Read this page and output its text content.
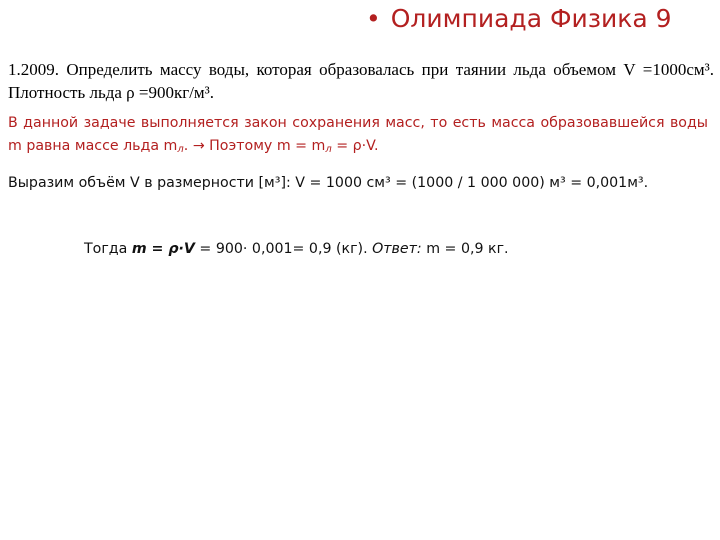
• Олимпиада Физика 9
1.2009. Определить массу воды, которая образовалась при таянии льда объемом V =1000см³. Плотность льда ρ =900кг/м³.
В данной задаче выполняется закон сохранения масс, то есть масса образовавшейся воды m равна массе льда $m_л$. → Поэтому $m = m_л = \rho\cdot V$.
Выразим объём V в размерности [м³]: V = 1000 см³ = (1000 / 1 000 000) м³ = 0,001м³.
Тогда m = ρ·V = 900· 0,001= 0,9 (кг). Ответ: m = 0,9 кг.
